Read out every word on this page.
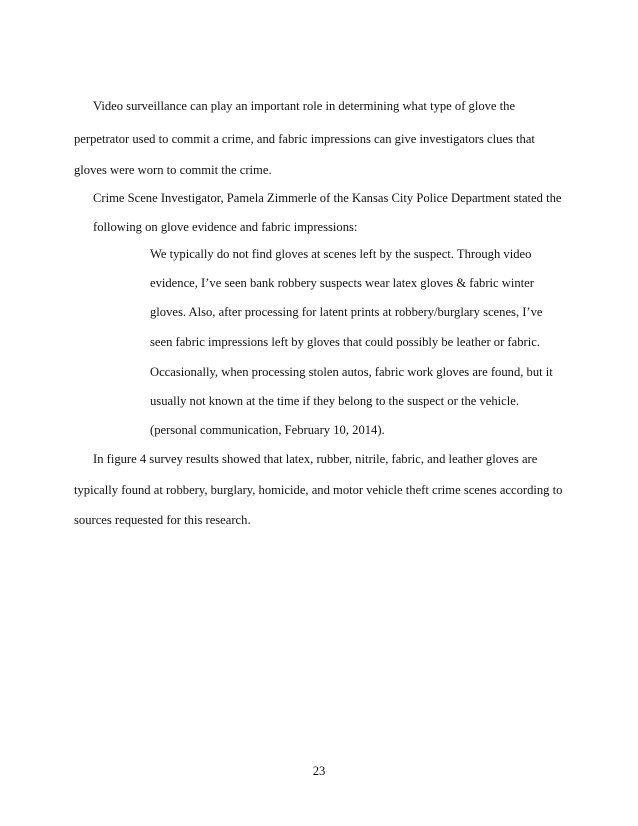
Video surveillance can play an important role in determining what type of glove the

perpetrator used to commit a crime, and fabric impressions can give investigators clues that

gloves were worn to commit the crime.

Crime Scene Investigator, Pamela Zimmerle of the Kansas City Police Department stated the

following on glove evidence and fabric impressions:

We typically do not find gloves at scenes left by the suspect. Through video

evidence, I’ve seen bank robbery suspects wear latex gloves & fabric winter

gloves. Also, after processing for latent prints at robbery/burglary scenes, I’ve

seen fabric impressions left by gloves that could possibly be leather or fabric.

Occasionally, when processing stolen autos, fabric work gloves are found, but it

usually not known at the time if they belong to the suspect or the vehicle.

(personal communication, February 10, 2014).

In figure 4 survey results showed that latex, rubber, nitrile, fabric, and leather gloves are

typically found at robbery, burglary, homicide, and motor vehicle theft crime scenes according to

sources requested for this research.

23
